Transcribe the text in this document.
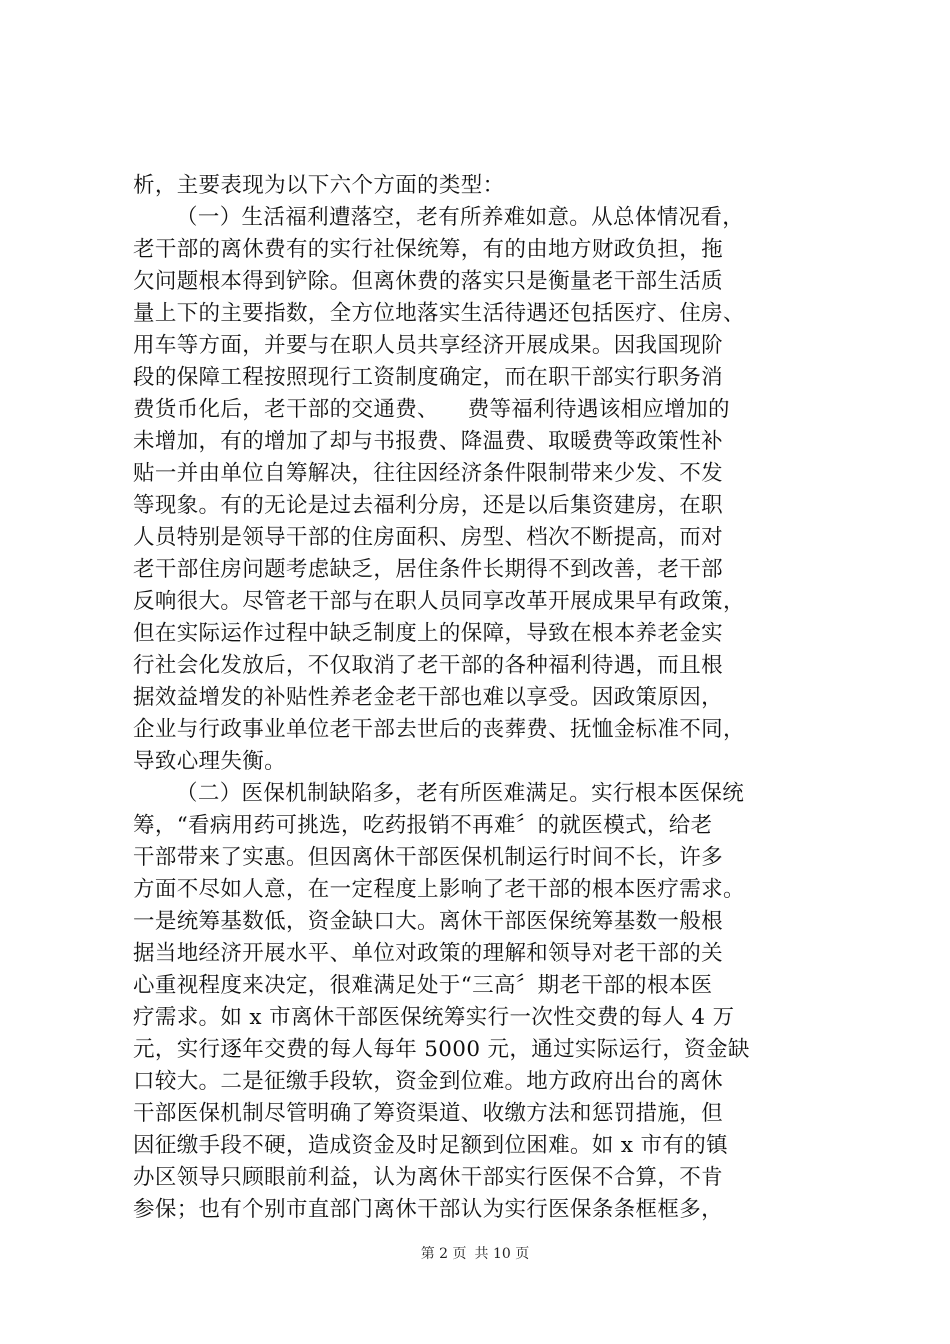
析，主要表现为以下六个方面的类型：
（一）生活福利遭落空，老有所养难如意。从总体情况看，
老干部的离休费有的实行社保统筹，有的由地方财政负担，拖
欠问题根本得到铲除。但离休费的落实只是衡量老干部生活质
量上下的主要指数，全方位地落实生活待遇还包括医疗、住房、
用车等方面，并要与在职人员共享经济开展成果。因我国现阶
段的保障工程按照现行工资制度确定，而在职干部实行职务消
费货币化后，老干部的交通费、    费等福利待遇该相应增加的
未增加，有的增加了却与书报费、降温费、取暖费等政策性补
贴一并由单位自筹解决，往往因经济条件限制带来少发、不发
等现象。有的无论是过去福利分房，还是以后集资建房，在职
人员特别是领导干部的住房面积、房型、档次不断提高，而对
老干部住房问题考虑缺乏，居住条件长期得不到改善，老干部
反响很大。尽管老干部与在职人员同享改革开展成果早有政策，
但在实际运作过程中缺乏制度上的保障，导致在根本养老金实
行社会化发放后，不仅取消了老干部的各种福利待遇，而且根
据效益增发的补贴性养老金老干部也难以享受。因政策原因，
企业与行政事业单位老干部去世后的丧葬费、抚恤金标准不同，
导致心理失衡。
（二）医保机制缺陷多，老有所医难满足。实行根本医保统
筹，“看病用药可挑选，吃药报销不再难〞的就医模式，给老
干部带来了实惠。但因离休干部医保机制运行时间不长，许多
方面不尽如人意，在一定程度上影响了老干部的根本医疗需求。
一是统筹基数低，资金缺口大。离休干部医保统筹基数一般根
据当地经济开展水平、单位对政策的理解和领导对老干部的关
心重视程度来决定，很难满足处于“三高〞期老干部的根本医
疗需求。如 x 市离休干部医保统筹实行一次性交费的每人 4 万
元，实行逐年交费的每人每年 5000 元，通过实际运行，资金缺
口较大。二是征缴手段软，资金到位难。地方政府出台的离休
干部医保机制尽管明确了筹资渠道、收缴方法和惩罚措施，但
因征缴手段不硬，造成资金及时足额到位困难。如 x 市有的镇
办区领导只顾眼前利益，认为离休干部实行医保不合算，不肯
参保；也有个别市直部门离休干部认为实行医保条条框框多，
第 2 页 共 10 页
